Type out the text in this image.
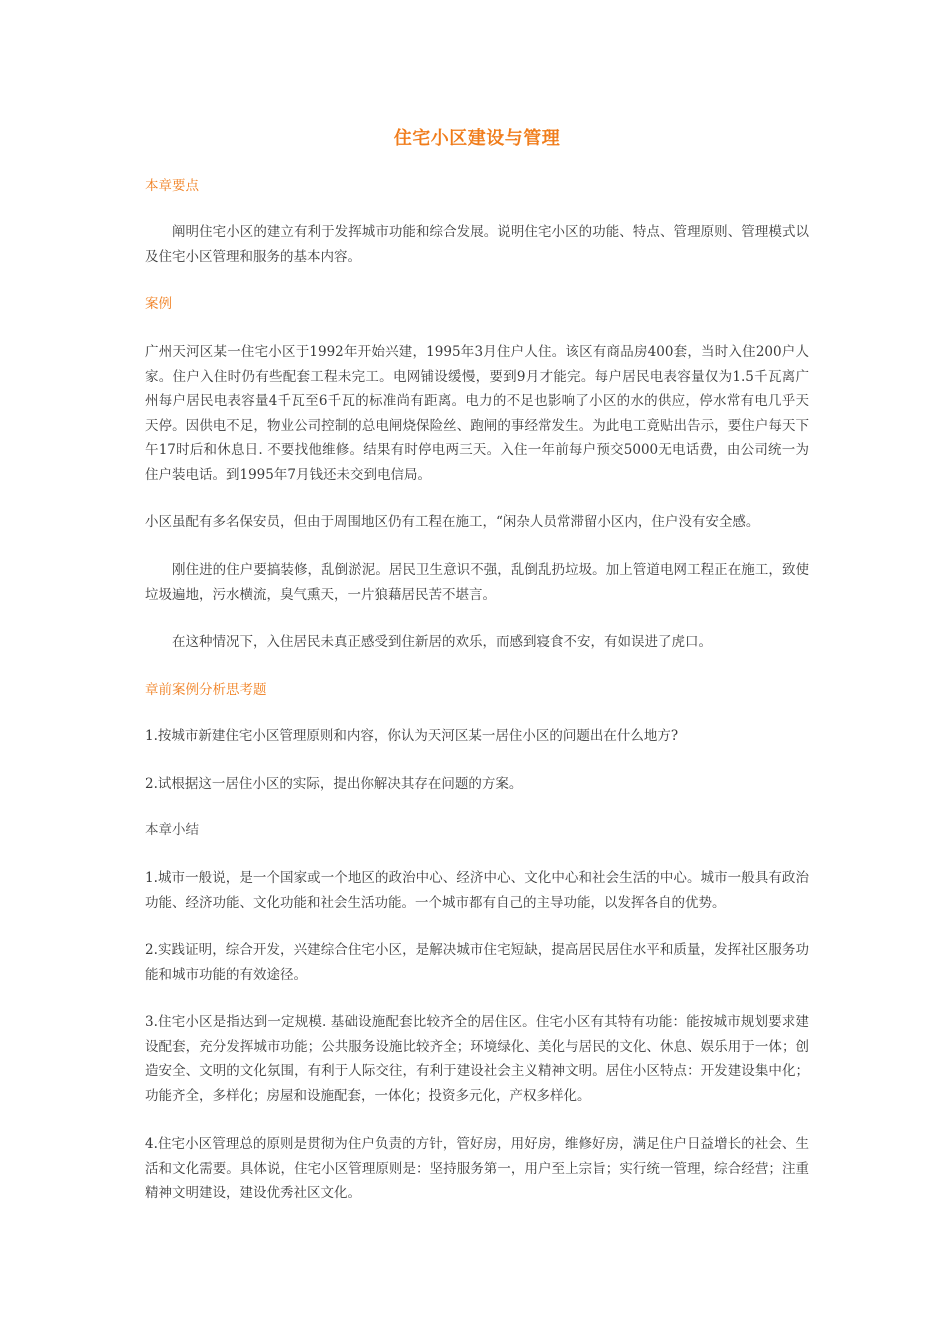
住宅小区建设与管理
本章要点
阐明住宅小区的建立有利于发挥城市功能和综合发展。说明住宅小区的功能、特点、管理原则、管理模式以及住宅小区管理和服务的基本内容。
案例
广州天河区某一住宅小区于1992年开始兴建，1995年3月住户人住。该区有商品房400套，当时入住200户人家。住户入住时仍有些配套工程未完工。电网铺设缓慢，要到9月才能完。每户居民电表容量仅为1.5千瓦离广州每户居民电表容量4千瓦至6千瓦的标准尚有距离。电力的不足也影响了小区的水的供应，停水常有电几乎天天停。因供电不足，物业公司控制的总电闸烧保险丝、跑闸的事经常发生。为此电工竟贴出告示，要住户每天下午17时后和休息日. 不要找他维修。结果有时停电两三天。入住一年前每户预交5000无电话费，由公司统一为住户装电话。到1995年7月钱还未交到电信局。
小区虽配有多名保安员，但由于周围地区仍有工程在施工，“闲杂人员常滞留小区内，住户没有安全感。
刚住进的住户要搞装修，乱倒淤泥。居民卫生意识不强，乱倒乱扔垃圾。加上管道电网工程正在施工，致使垃圾遍地，污水横流，臭气熏天，一片狼藉居民苦不堪言。
在这种情况下，入住居民未真正感受到住新居的欢乐，而感到寝食不安，有如误进了虎口。
章前案例分析思考题
1.按城市新建住宅小区管理原则和内容，你认为天河区某一居住小区的问题出在什么地方?
2.试根据这一居住小区的实际，提出你解决其存在问题的方案。
本章小结
1.城市一般说，是一个国家或一个地区的政治中心、经济中心、文化中心和社会生活的中心。城市一般具有政治功能、经济功能、文化功能和社会生活功能。一个城市都有自己的主导功能，以发挥各自的优势。
2.实践证明，综合开发，兴建综合住宅小区，是解决城市住宅短缺，提高居民居住水平和质量，发挥社区服务功能和城市功能的有效途径。
3.住宅小区是指达到一定规模. 基础设施配套比较齐全的居住区。住宅小区有其特有功能：能按城市规划要求建设配套，充分发挥城市功能；公共服务设施比较齐全；环境绿化、美化与居民的文化、休息、娱乐用于一体；创造安全、文明的文化氛围，有利于人际交往，有利于建设社会主义精神文明。居住小区特点：开发建设集中化；功能齐全，多样化；房屋和设施配套，一体化；投资多元化，产权多样化。
4.住宅小区管理总的原则是贯彻为住户负责的方针，管好房，用好房，维修好房，满足住户日益增长的社会、生活和文化需要。具体说，住宅小区管理原则是：坚持服务第一，用户至上宗旨；实行统一管理，综合经营；注重精神文明建设，建设优秀社区文化。
